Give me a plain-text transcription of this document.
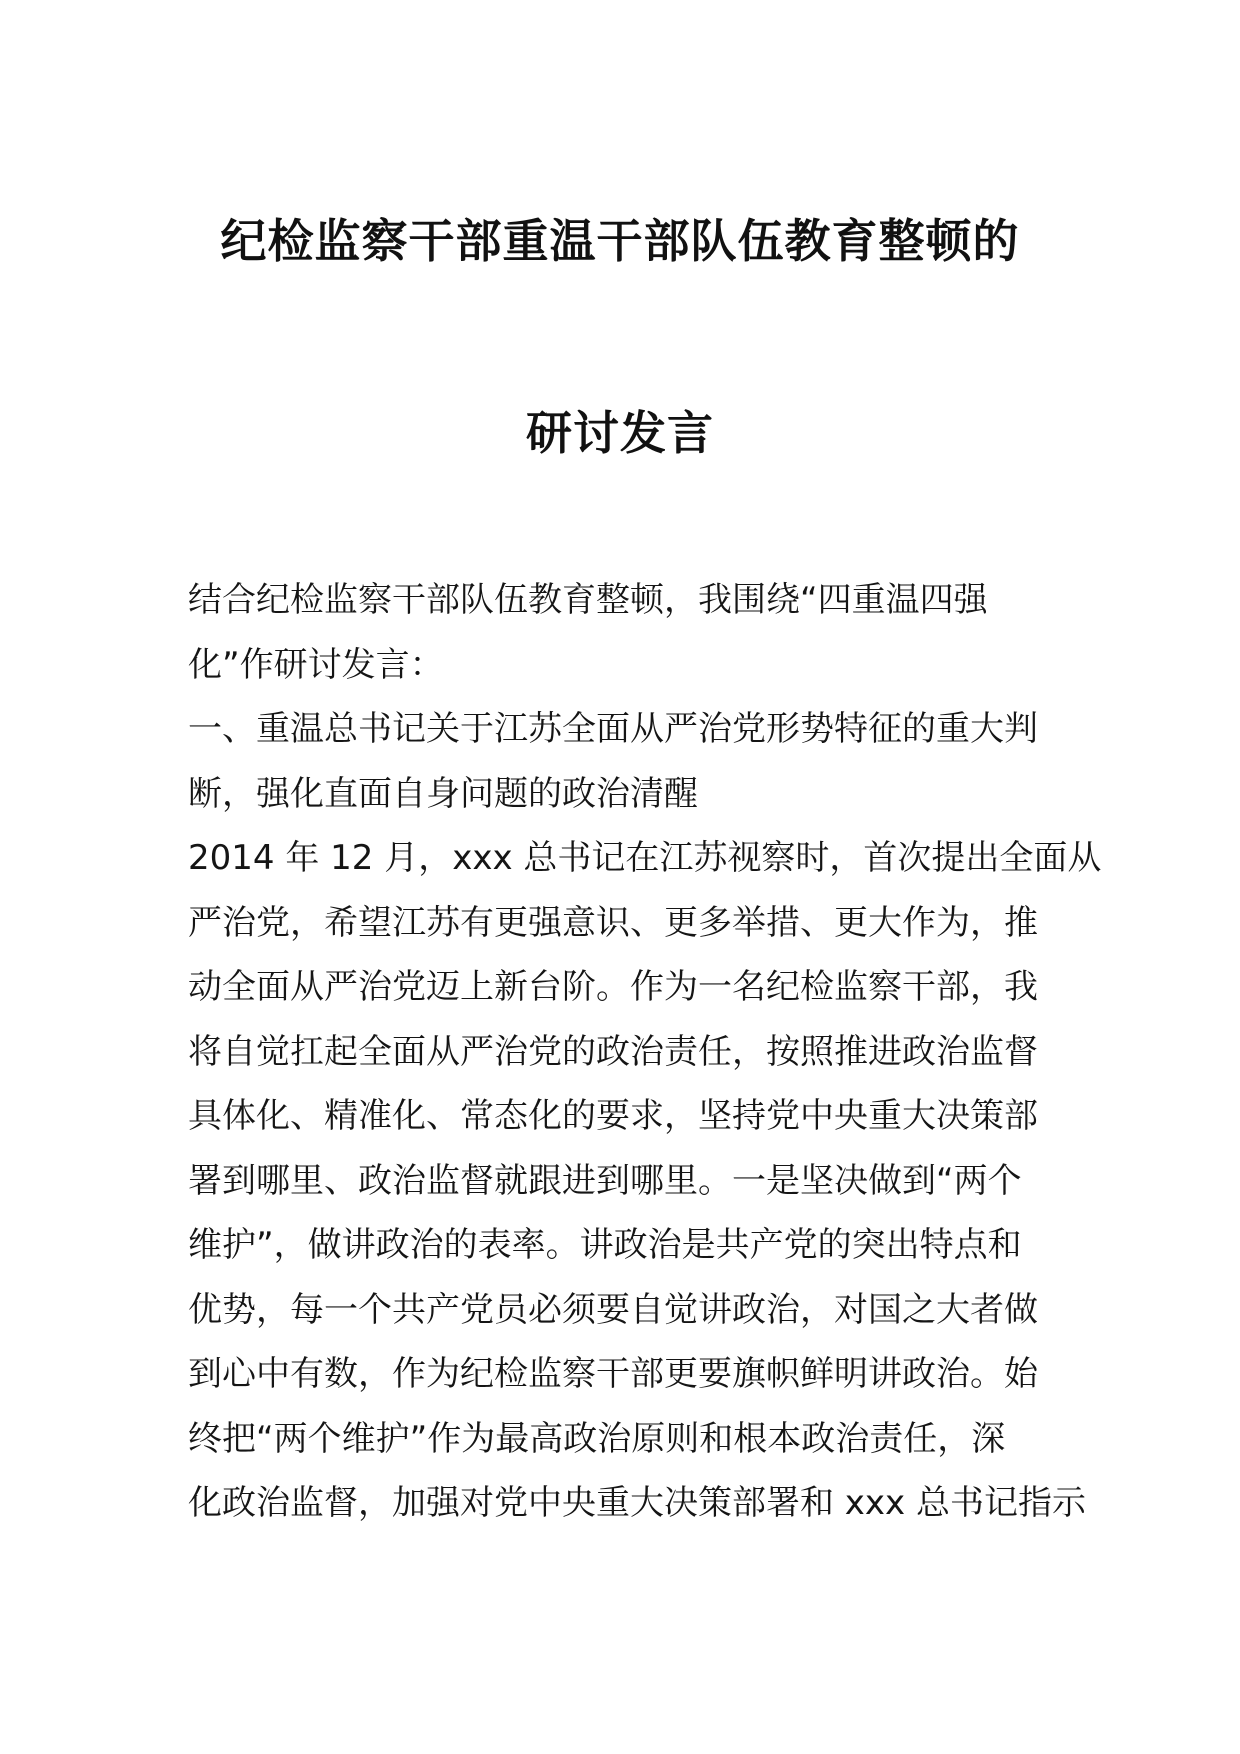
纪检监察干部重温干部队伍教育整顿的
研讨发言
结合纪检监察干部队伍教育整顿，我围绕“四重温四强
化”作研讨发言：
一、重温总书记关于江苏全面从严治党形势特征的重大判
断，强化直面自身问题的政治清醒
2014 年 12 月，xxx 总书记在江苏视察时，首次提出全面从
严治党，希望江苏有更强意识、更多举措、更大作为，推
动全面从严治党迈上新台阶。作为一名纪检监察干部，我
将自觉扛起全面从严治党的政治责任，按照推进政治监督
具体化、精准化、常态化的要求，坚持党中央重大决策部
署到哪里、政治监督就跟进到哪里。一是坚决做到“两个
维护”，做讲政治的表率。讲政治是共产党的突出特点和
优势，每一个共产党员必须要自觉讲政治，对国之大者做
到心中有数，作为纪检监察干部更要旗帜鲜明讲政治。始
终把“两个维护”作为最高政治原则和根本政治责任，深
化政治监督，加强对党中央重大决策部署和 xxx 总书记指示
